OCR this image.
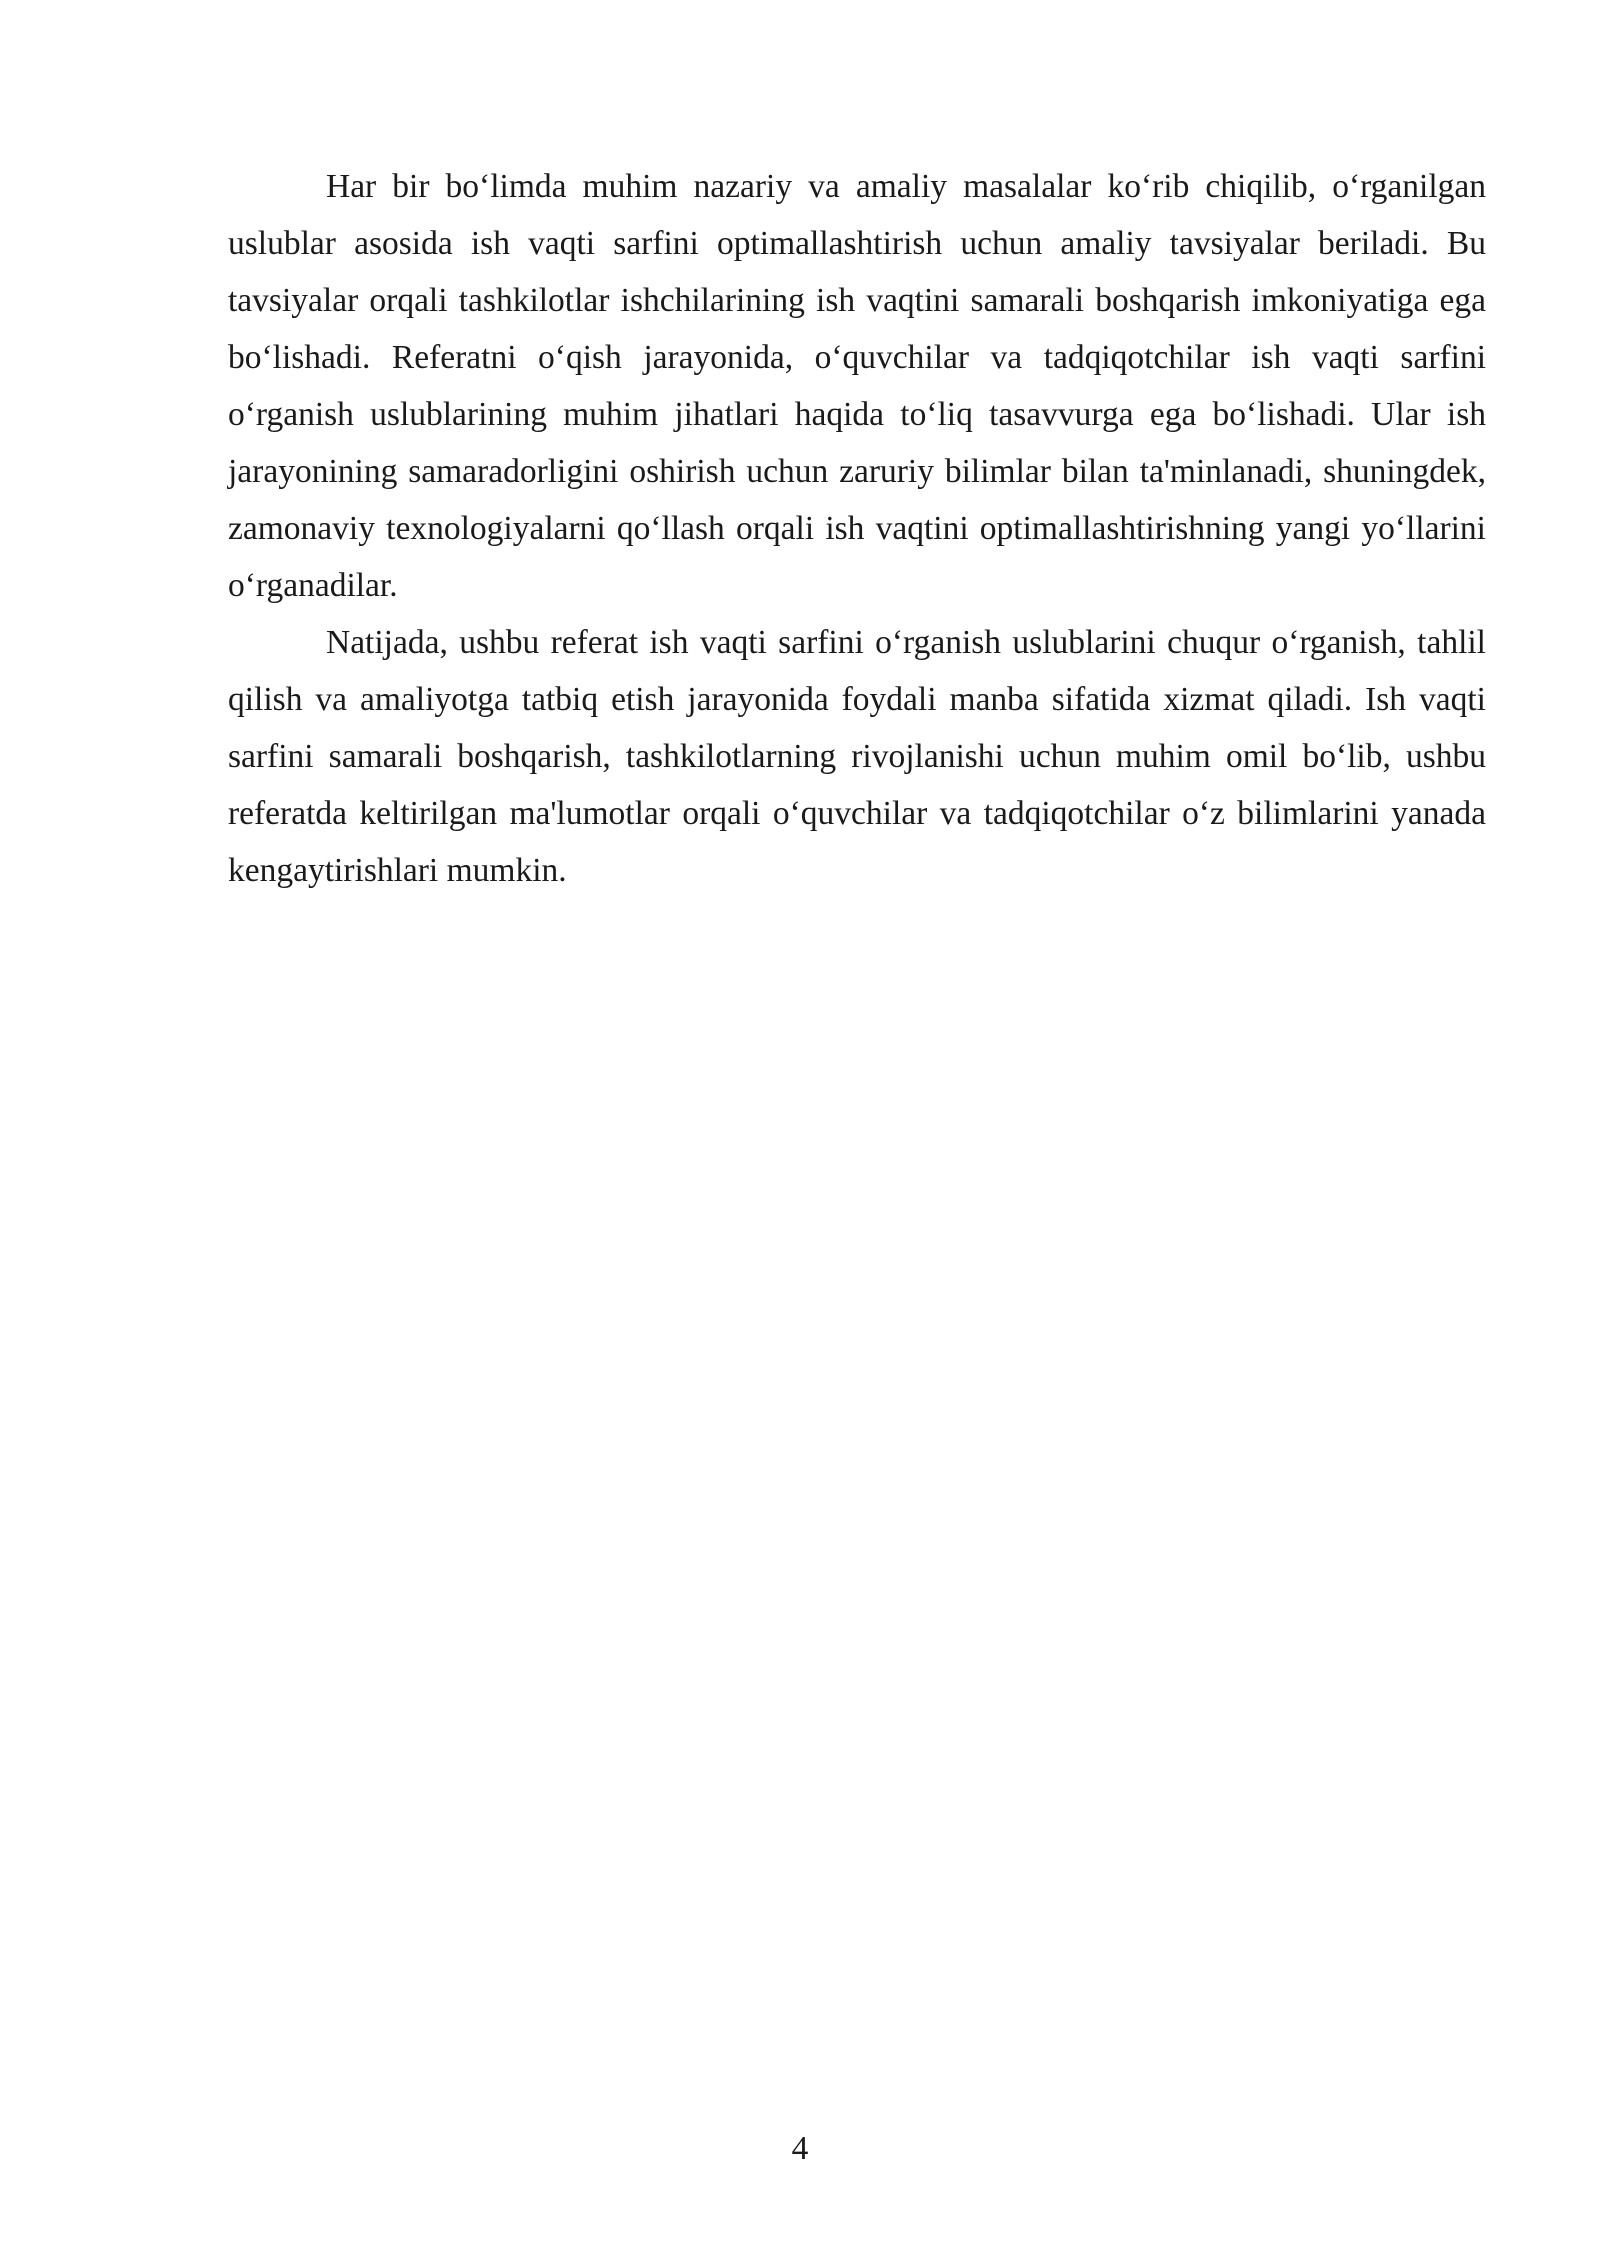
Har bir bo‘limda muhim nazariy va amaliy masalalar ko‘rib chiqilib, o‘rganilgan uslublar asosida ish vaqti sarfini optimallashtirish uchun amaliy tavsiyalar beriladi. Bu tavsiyalar orqali tashkilotlar ishchilarining ish vaqtini samarali boshqarish imkoniyatiga ega bo‘lishadi. Referatni o‘qish jarayonida, o‘quvchilar va tadqiqotchilar ish vaqti sarfini o‘rganish uslublarining muhim jihatlari haqida to‘liq tasavvurga ega bo‘lishadi. Ular ish jarayonining samaradorligini oshirish uchun zaruriy bilimlar bilan ta'minlanadi, shuningdek, zamonaviy texnologiyalarni qo‘llash orqali ish vaqtini optimallashtirishning yangi yo‘llarini o‘rganadilar.

Natijada, ushbu referat ish vaqti sarfini o‘rganish uslublarini chuqur o‘rganish, tahlil qilish va amaliyotga tatbiq etish jarayonida foydali manba sifatida xizmat qiladi. Ish vaqti sarfini samarali boshqarish, tashkilotlarning rivojlanishi uchun muhim omil bo‘lib, ushbu referatda keltirilgan ma'lumotlar orqali o‘quvchilar va tadqiqotchilar o‘z bilimlarini yanada kengaytirishlari mumkin.

4
